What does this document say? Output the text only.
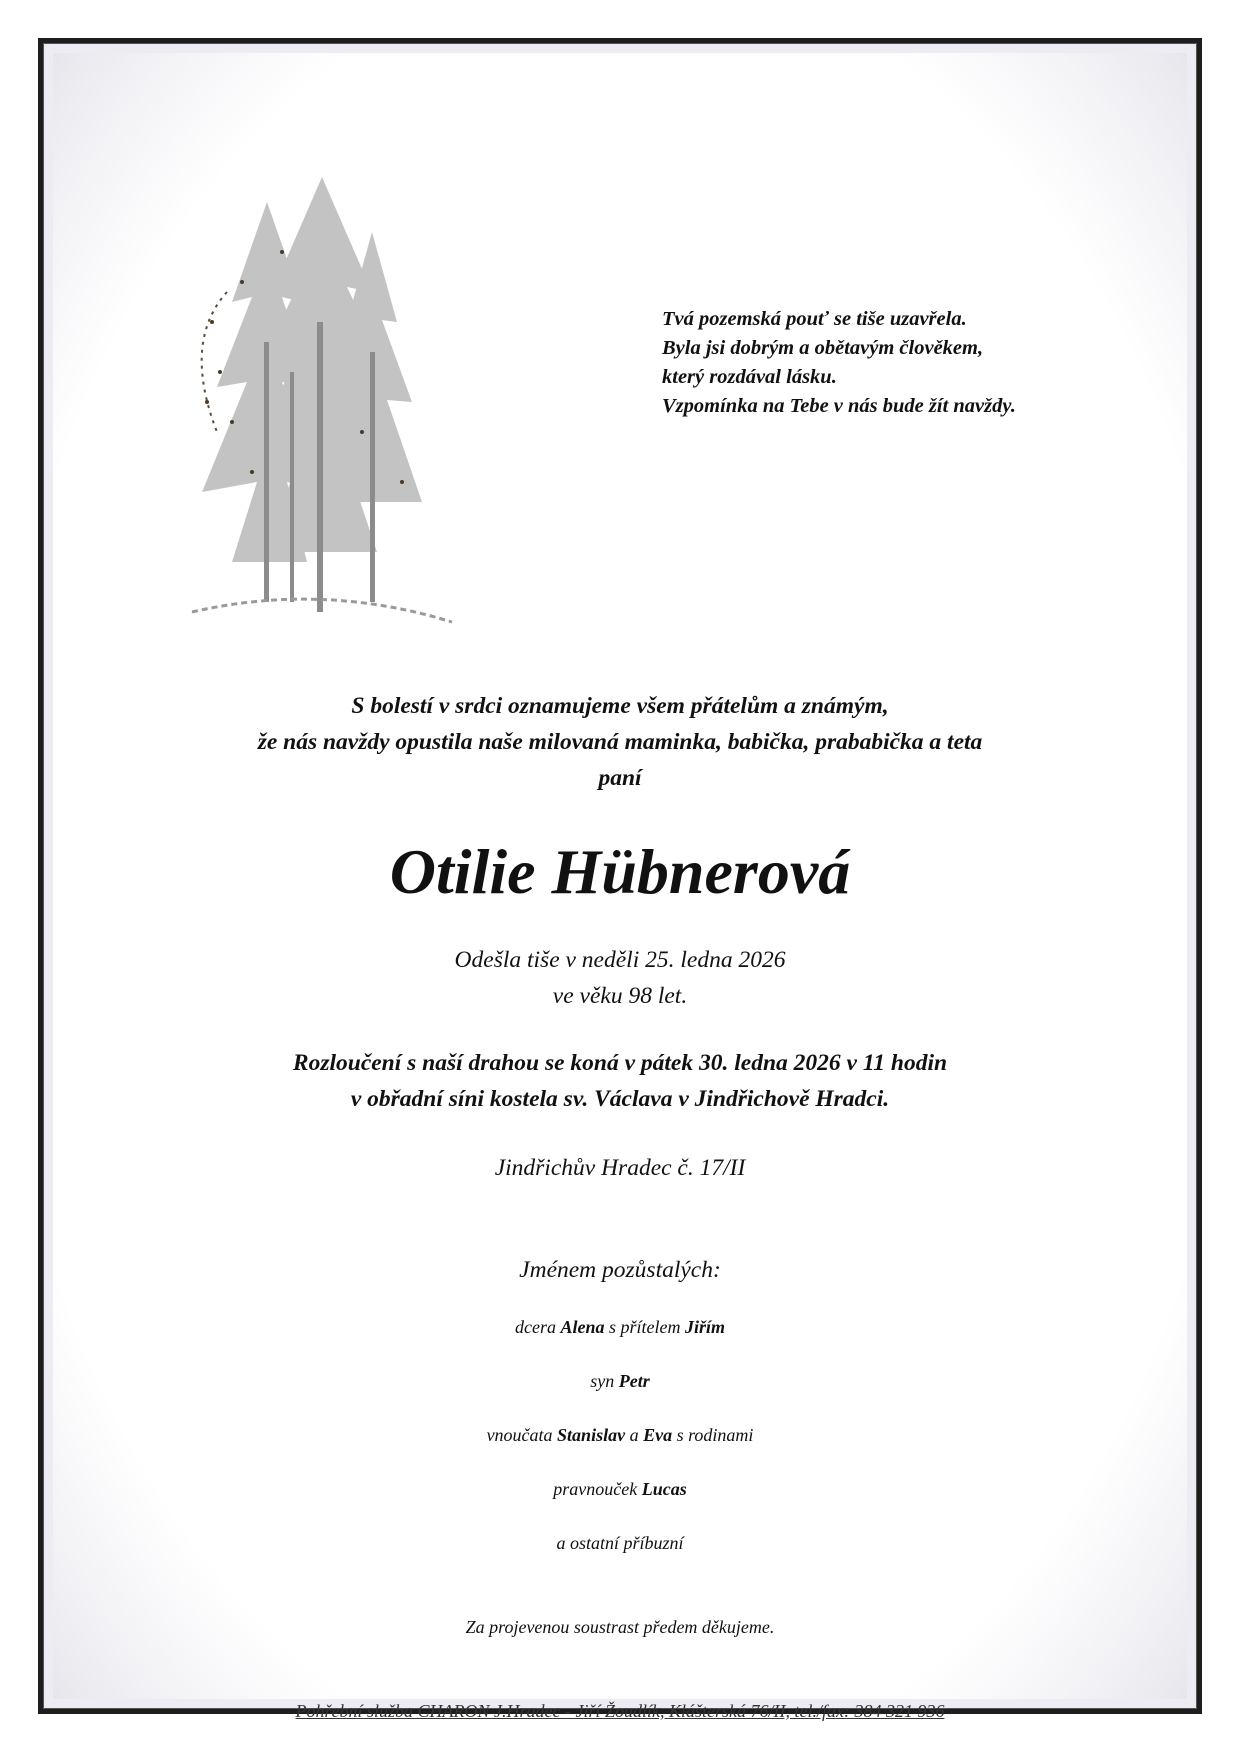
Tvá pozemská pouť se tiše uzavřela.
Byla jsi dobrým a obětavým člověkem,
který rozdával lásku.
Vzpomínka na Tebe v nás bude žít navždy.
S bolestí v srdci oznamujeme všem přátelům a známým,
že nás navždy opustila naše milovaná maminka, babička, prababička a teta
paní
Otilie Hübnerová
Odešla tiše v neděli 25. ledna 2026
ve věku 98 let.
Rozloučení s naší drahou se koná v pátek 30. ledna 2026 v 11 hodin
v obřadní síni kostela sv. Václava v Jindřichově Hradci.
Jindřichův Hradec č. 17/II
Jménem pozůstalých:
dcera Alena s přítelem Jiřím
syn Petr
vnoučata Stanislav a Eva s rodinami
pravnouček Lucas
a ostatní příbuzní
Za projevenou soustrast předem děkujeme.
Pohřební služba CHARON J.Hradec - Jiří Žoudlík, Klášterská 76/II, tel./fax: 384 321 936
